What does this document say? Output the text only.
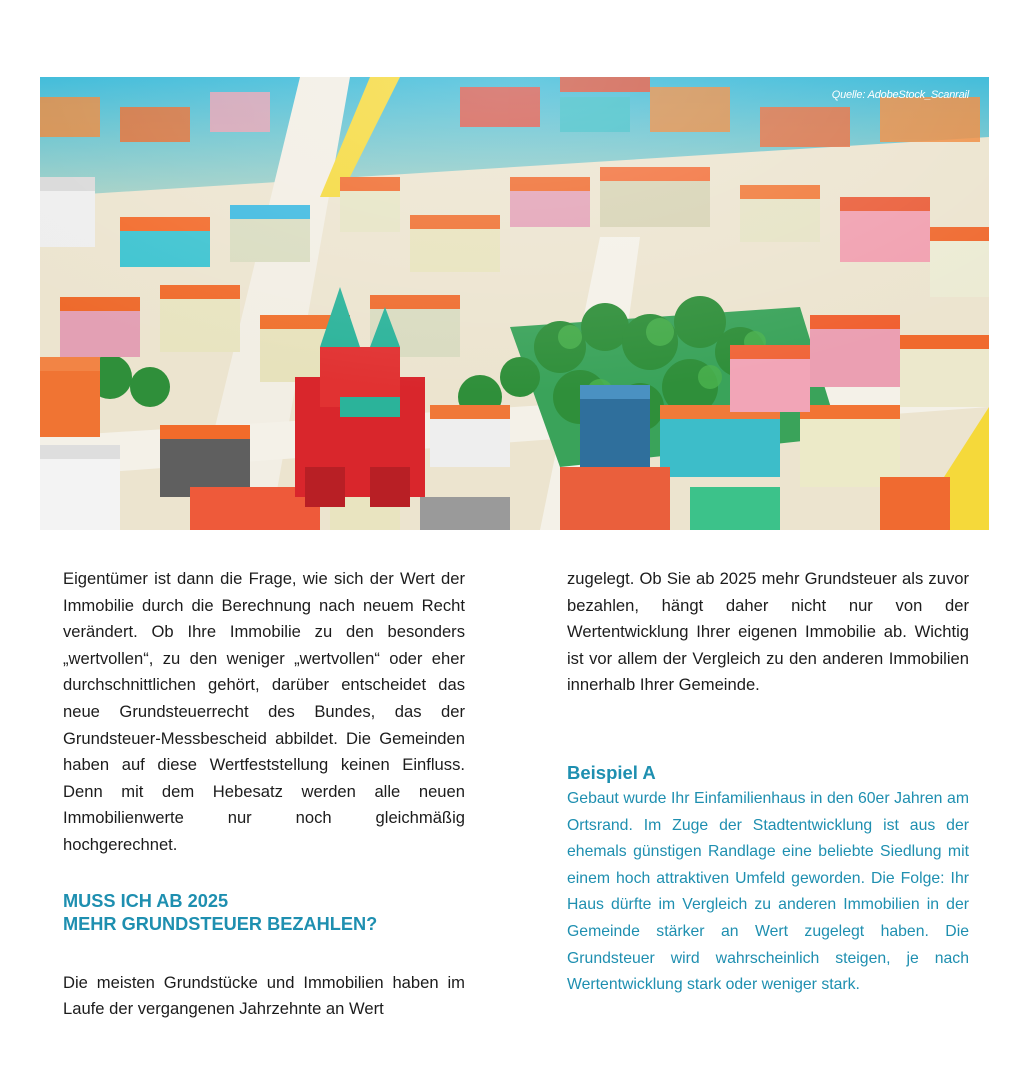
Quelle: AdobeStock_Scanrail

Eigentümer ist dann die Frage, wie sich der Wert der Immobilie durch die Berechnung nach neuem Recht verändert. Ob Ihre Immobilie zu den besonders „wertvollen“, zu den weniger „wertvollen“ oder eher durchschnittlichen gehört, darüber entscheidet das neue Grundsteuerrecht des Bundes, das der Grundsteuer-Messbescheid abbildet. Die Gemeinden haben auf diese Wertfeststellung keinen Einfluss. Denn mit dem Hebesatz werden alle neuen Immobilienwerte nur noch gleichmäßig hochgerechnet.

MUSS ICH AB 2025
MEHR GRUNDSTEUER BEZAHLEN?

Die meisten Grundstücke und Immobilien haben im Laufe der vergangenen Jahrzehnte an Wert

zugelegt. Ob Sie ab 2025 mehr Grundsteuer als zuvor bezahlen, hängt daher nicht nur von der Wertentwicklung Ihrer eigenen Immobilie ab. Wichtig ist vor allem der Vergleich zu den anderen Immobilien innerhalb Ihrer Gemeinde.

Beispiel A

Gebaut wurde Ihr Einfamilienhaus in den 60er Jahren am Ortsrand. Im Zuge der Stadtentwicklung ist aus der ehemals günstigen Randlage eine beliebte Siedlung mit einem hoch attraktiven Umfeld geworden. Die Folge: Ihr Haus dürfte im Vergleich zu anderen Immobilien in der Gemeinde stärker an Wert zugelegt haben. Die Grundsteuer wird wahrscheinlich steigen, je nach Wertentwicklung stark oder weniger stark.
